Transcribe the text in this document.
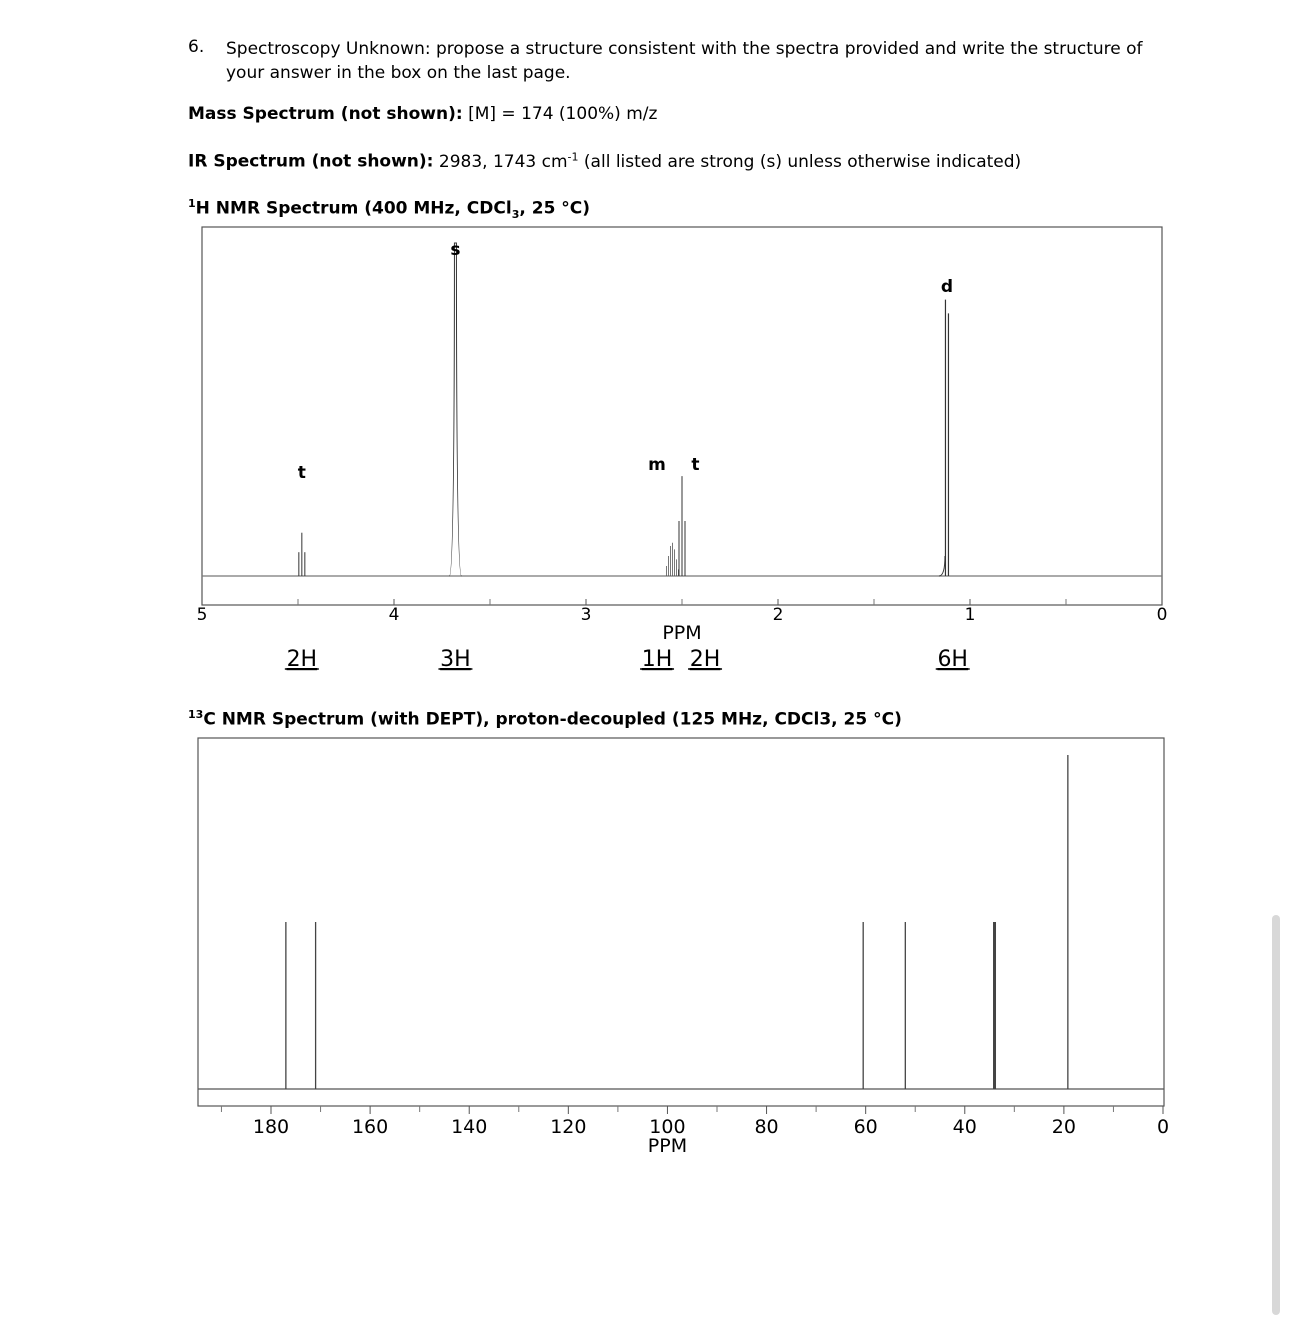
6. Spectroscopy Unknown: propose a structure consistent with the spectra provided and write the structure of
your answer in the box on the last page.
Mass Spectrum (not shown): [M] = 174 (100%) m/z
IR Spectrum (not shown): 2983, 1743 $cm^{-1}$ (all listed are strong (s) unless otherwise indicated)
$^1$H NMR Spectrum (400 MHz, CDCl$_3$, 25 °C)
$^{13}$C NMR Spectrum (with DEPT), proton-decoupled (125 MHz, CDCl3, 25 °C)
5	4	3	2	1	0
PPM
t
s
m t
d
2H	3H	1H 2H	6H
180	160	140	120	100	80	60	40	20	0
PPM
